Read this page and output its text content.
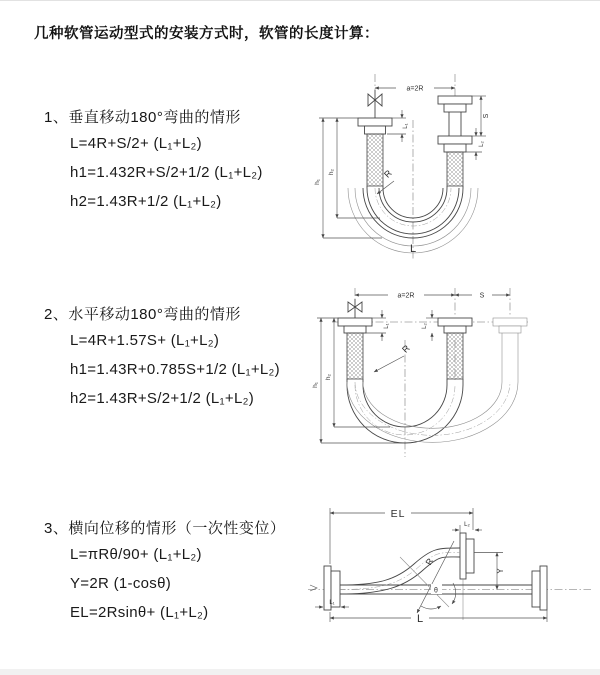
几种软管运动型式的安装方式时，软管的长度计算：
1、垂直移动180°弯曲的情形
L=4R+S/2+ (L₁+L₂)
h1=1.432R+S/2+1/2 (L₁+L₂)
h2=1.43R+1/2 (L₁+L₂)
2、水平移动180°弯曲的情形
L=4R+1.57S+ (L₁+L₂)
h1=1.43R+0.785S+1/2 (L₁+L₂)
h2=1.43R+S/2+1/2 (L₁+L₂)
3、横向位移的情形（一次性变位）
L=πRθ/90+ (L₁+L₂)
Y=2R (1-cosθ)
EL=2Rsinθ+ (L₁+L₂)
a=2R
R
L
h₁
h₂
L₁
S
L₂
a=2R	S
h₁
h₂
L₁	L₂
R
EL
L₂
Y
R
θ
L₁
L
